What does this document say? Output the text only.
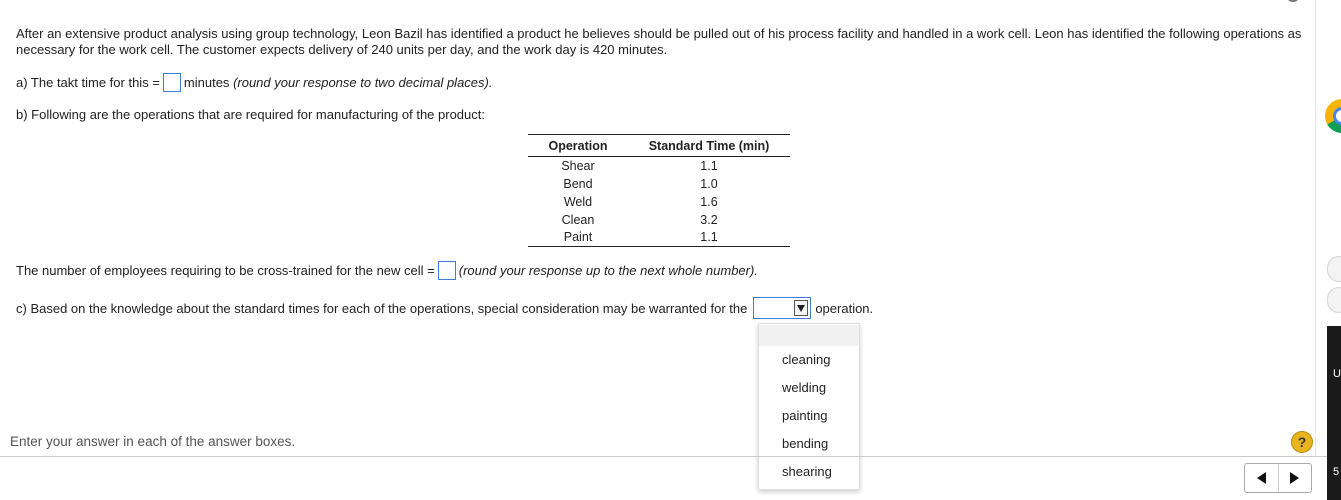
After an extensive product analysis using group technology, Leon Bazil has identified a product he believes should be pulled out of his process facility and handled in a work cell. Leon has identified the following operations as necessary for the work cell. The customer expects delivery of 240 units per day, and the work day is 420 minutes.
a) The takt time for this = minutes
(round your response to two decimal places).
b) Following are the operations that are required for manufacturing of the product:
Operation	Standard Time (min)
Shear	1.1
Bend	1.0
Weld	1.6
Clean	3.2
Paint	1.1
The number of employees requiring to be cross-trained for the new cell = (round your response up to the next whole number).
c) Based on the knowledge about the standard times for each of the operations, special consideration may be warranted for the	operation.
Enter your answer in each of the answer boxes.	?
cleaning
welding
painting
bending
shearing
U
5
